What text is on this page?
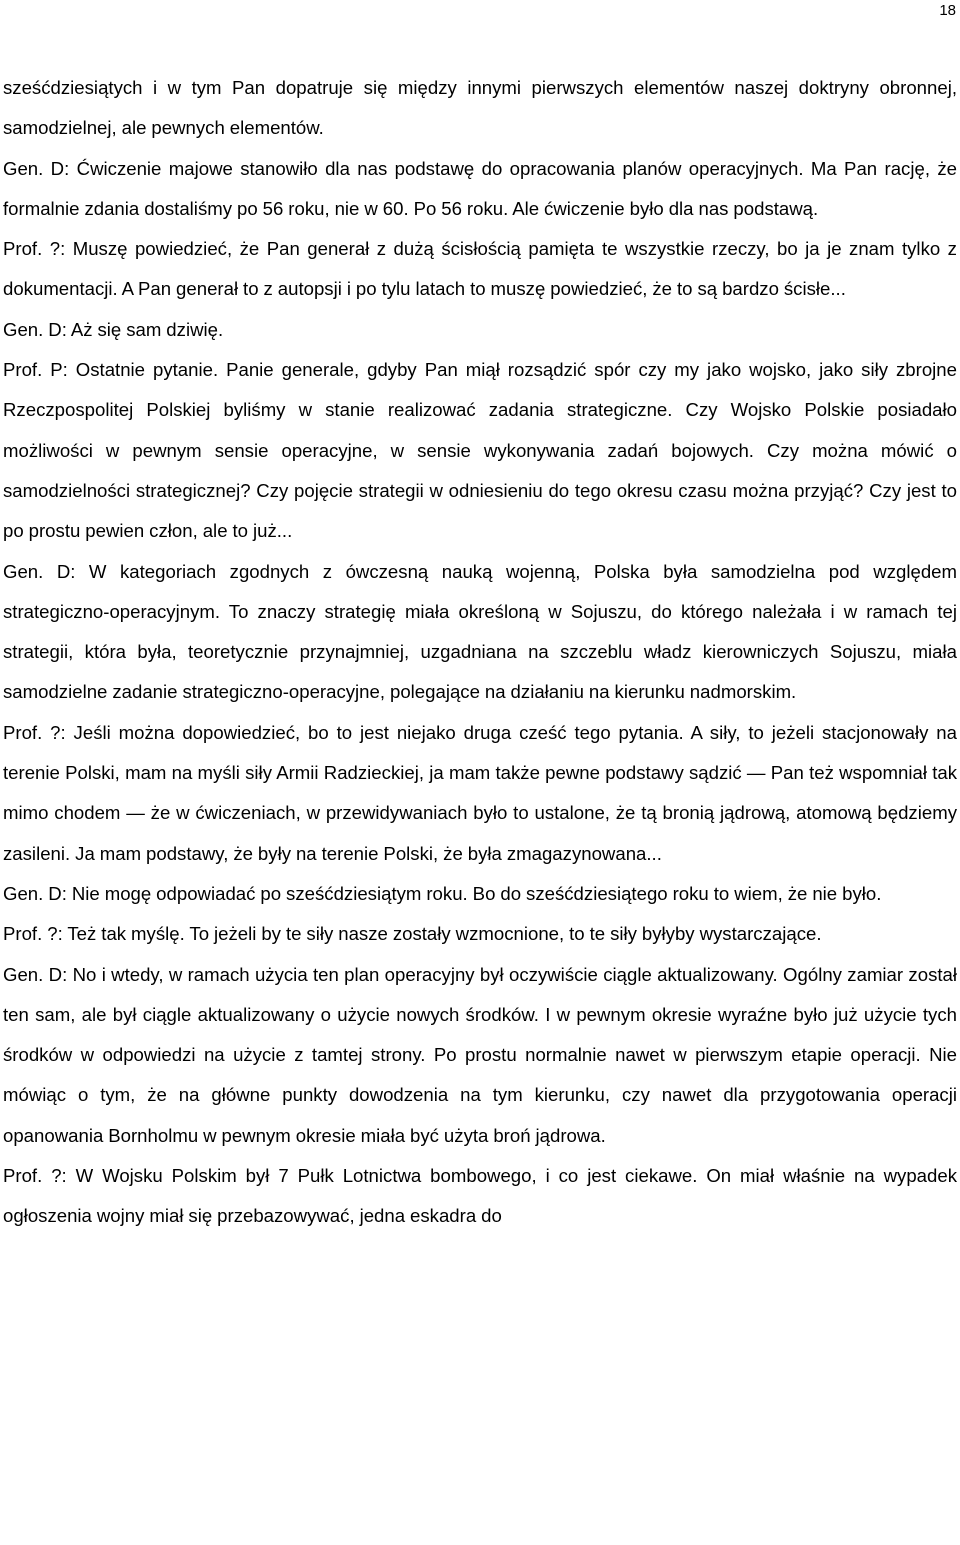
18

sześćdziesiątych i w tym Pan dopatruje się między innymi pierwszych elementów naszej doktryny obronnej, samodzielnej, ale pewnych elementów.

Gen. D: Ćwiczenie majowe stanowiło dla nas podstawę do opracowania planów operacyjnych. Ma Pan rację, że formalnie zdania dostaliśmy po 56 roku, nie w 60. Po 56 roku. Ale ćwiczenie było dla nas podstawą.

Prof. ?: Muszę powiedzieć, że Pan generał z dużą ścisłością pamięta te wszystkie rzeczy, bo ja je znam tylko z dokumentacji. A Pan generał to z autopsji i po tylu latach to muszę powiedzieć, że to są bardzo ścisłe...

Gen. D: Aż się sam dziwię.

Prof. P: Ostatnie pytanie. Panie generale, gdyby Pan miął rozsądzić spór czy my jako wojsko, jako siły zbrojne Rzeczpospolitej Polskiej byliśmy w stanie realizować zadania strategiczne. Czy Wojsko Polskie posiadało możliwości w pewnym sensie operacyjne, w sensie wykonywania zadań bojowych. Czy można mówić o samodzielności strategicznej? Czy pojęcie strategii w odniesieniu do tego okresu czasu można przyjąć? Czy jest to po prostu pewien człon, ale to już...

Gen. D: W kategoriach zgodnych z ówczesną nauką wojenną, Polska była samodzielna pod względem strategiczno-operacyjnym. To znaczy strategię miała określoną w Sojuszu, do którego należała i w ramach tej strategii, która była, teoretycznie przynajmniej, uzgadniana na szczeblu władz kierowniczych Sojuszu, miała samodzielne zadanie strategiczno-operacyjne, polegające na działaniu na kierunku nadmorskim.

Prof. ?: Jeśli można dopowiedzieć, bo to jest niejako druga cześć tego pytania. A siły, to jeżeli stacjonowały na terenie Polski, mam na myśli siły Armii Radzieckiej, ja mam także pewne podstawy sądzić — Pan też wspomniał tak mimo chodem — że w ćwiczeniach, w przewidywaniach było to ustalone, że tą bronią jądrową, atomową będziemy zasileni. Ja mam podstawy, że były na terenie Polski, że była zmagazynowana...

Gen. D: Nie mogę odpowiadać po sześćdziesiątym roku. Bo do sześćdziesiątego roku to wiem, że nie było.

Prof. ?: Też tak myślę. To jeżeli by te siły nasze zostały wzmocnione, to te siły byłyby wystarczające.

Gen. D: No i wtedy, w ramach użycia ten plan operacyjny był oczywiście ciągle aktualizowany. Ogólny zamiar został ten sam, ale był ciągle aktualizowany o użycie nowych środków. I w pewnym okresie wyraźne było już użycie tych środków w odpowiedzi na użycie z tamtej strony. Po prostu normalnie nawet w pierwszym etapie operacji. Nie mówiąc o tym, że na główne punkty dowodzenia na tym kierunku, czy nawet dla przygotowania operacji opanowania Bornholmu w pewnym okresie miała być użyta broń jądrowa.

Prof. ?: W Wojsku Polskim był 7 Pułk Lotnictwa bombowego, i co jest ciekawe. On miał właśnie na wypadek ogłoszenia wojny miał się przebazowywać, jedna eskadra do
